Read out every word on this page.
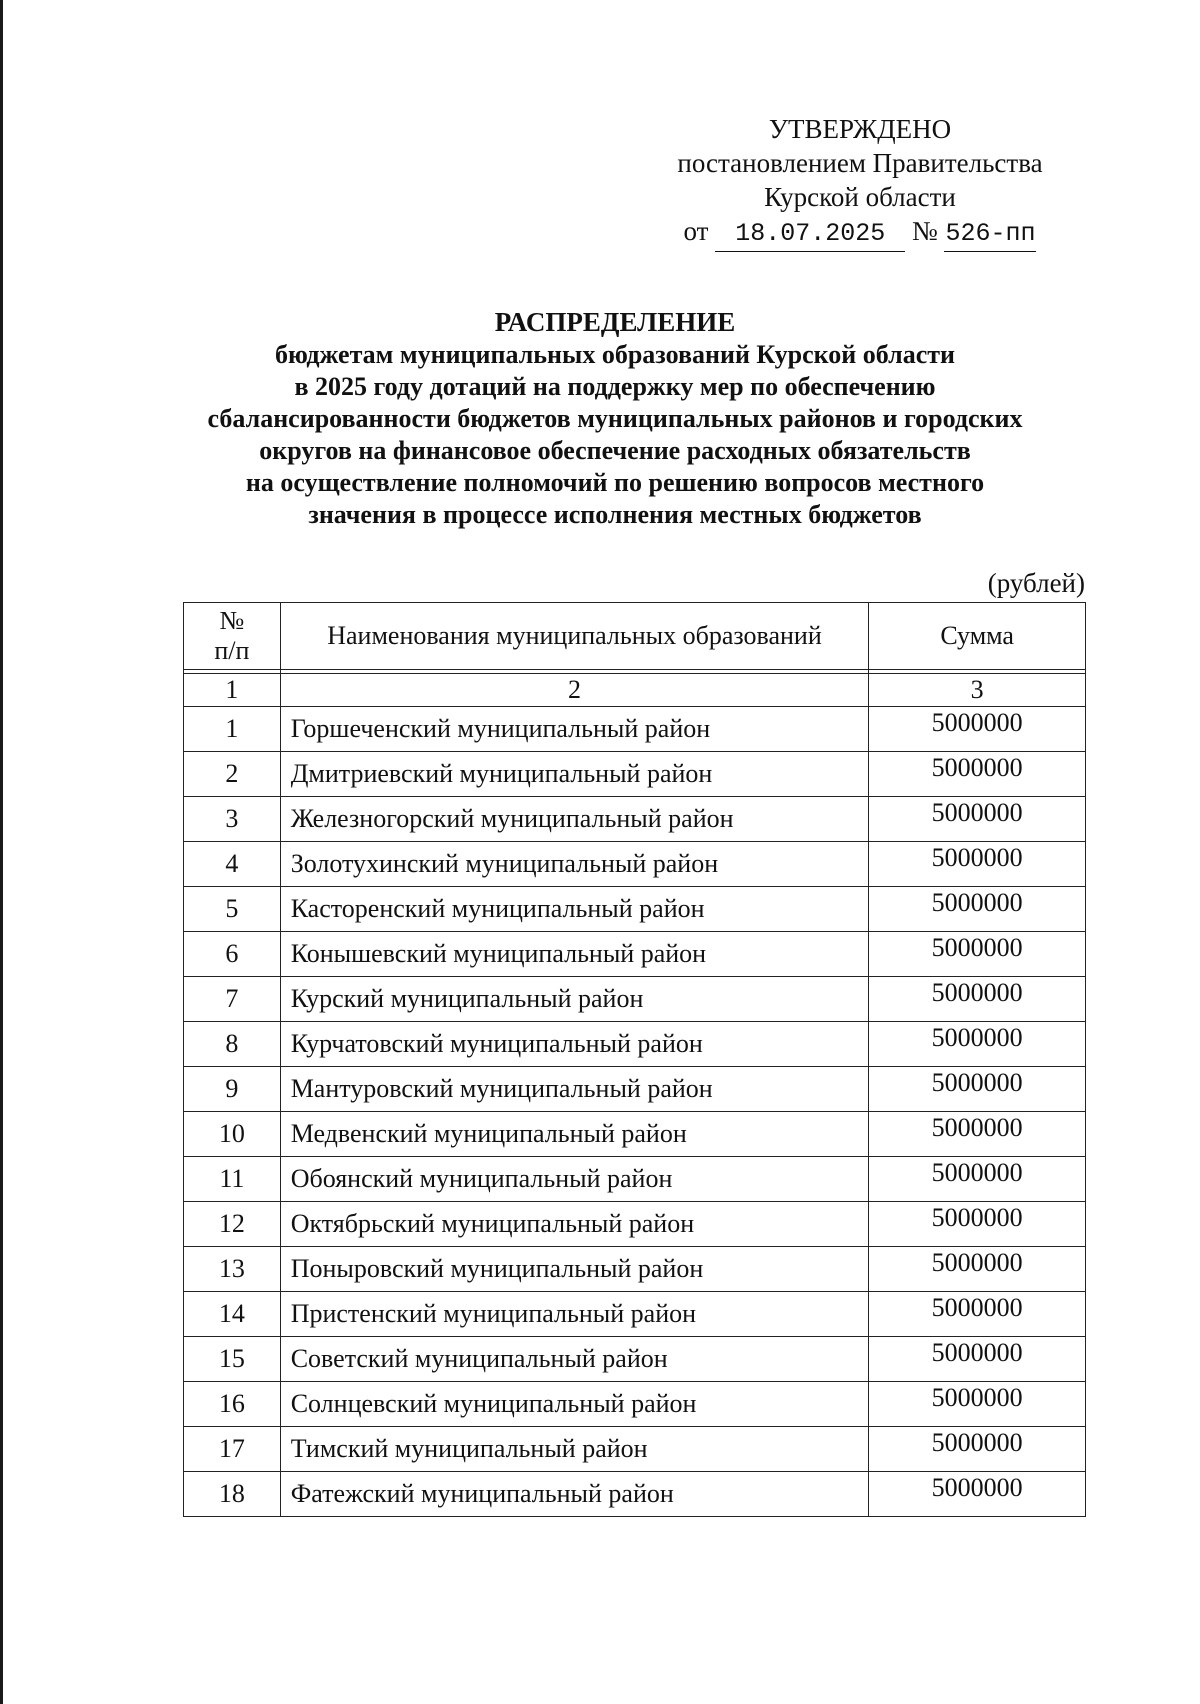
УТВЕРЖДЕНО
постановлением Правительства
Курской области
от 18.07.2025 № 526-пп
РАСПРЕДЕЛЕНИЕ
бюджетам муниципальных образований Курской области
в 2025 году дотаций на поддержку мер по обеспечению
сбалансированности бюджетов муниципальных районов и городских
округов на финансовое обеспечение расходных обязательств
на осуществление полномочий по решению вопросов местного
значения в процессе исполнения местных бюджетов
(рублей)
№
п/п	Наименования муниципальных образований	Сумма

1	2	3
1	Горшеченский муниципальный район	5000000
2	Дмитриевский муниципальный район	5000000
3	Железногорский муниципальный район	5000000
4	Золотухинский муниципальный район	5000000
5	Касторенский муниципальный район	5000000
6	Конышевский муниципальный район	5000000
7	Курский муниципальный район	5000000
8	Курчатовский муниципальный район	5000000
9	Мантуровский муниципальный район	5000000
10	Медвенский муниципальный район	5000000
11	Обоянский муниципальный район	5000000
12	Октябрьский муниципальный район	5000000
13	Поныровский муниципальный район	5000000
14	Пристенский муниципальный район	5000000
15	Советский муниципальный район	5000000
16	Солнцевский муниципальный район	5000000
17	Тимский муниципальный район	5000000
18	Фатежский муниципальный район	5000000
